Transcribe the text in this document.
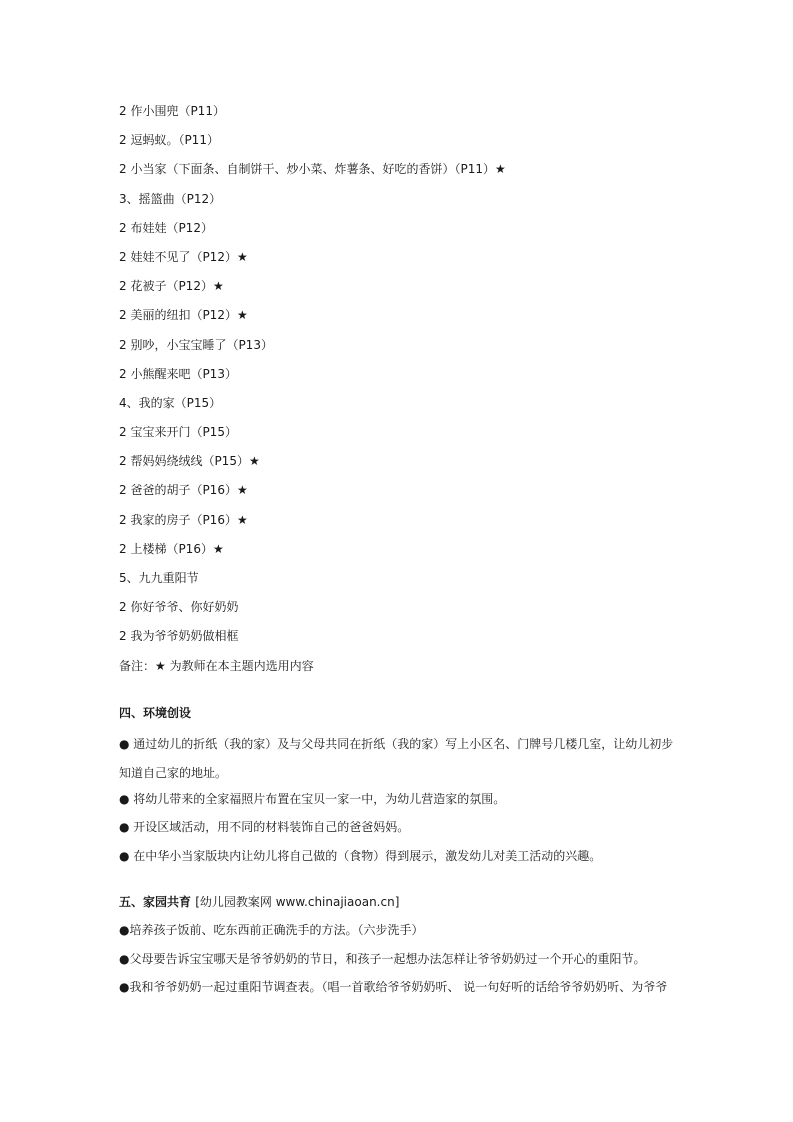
2 作小围兜（P11）
2 逗蚂蚁。（P11）
2 小当家（下面条、自制饼干、炒小菜、炸薯条、好吃的香饼）（P11）★
3、摇篮曲（P12）
2 布娃娃（P12）
2 娃娃不见了（P12）★
2 花被子（P12）★
2 美丽的纽扣（P12）★
2 别吵，小宝宝睡了（P13）
2 小熊醒来吧（P13）
4、我的家（P15）
2 宝宝来开门（P15）
2 帮妈妈绕绒线（P15）★
2 爸爸的胡子（P16）★
2 我家的房子（P16）★
2 上楼梯（P16）★
5、九九重阳节
2 你好爷爷、你好奶奶
2 我为爷爷奶奶做相框
备注：★ 为教师在本主题内选用内容
四、环境创设
● 通过幼儿的折纸（我的家）及与父母共同在折纸（我的家）写上小区名、门牌号几楼几室，让幼儿初步知道自己家的地址。
● 将幼儿带来的全家福照片布置在宝贝一家一中，为幼儿营造家的氛围。
● 开设区域活动，用不同的材料装饰自己的爸爸妈妈。
● 在中华小当家版块内让幼儿将自己做的（食物）得到展示，激发幼儿对美工活动的兴趣。
五、家园共育 [幼儿园教案网 www.chinajiaoan.cn]
●培养孩子饭前、吃东西前正确洗手的方法。（六步洗手）
●父母要告诉宝宝哪天是爷爷奶奶的节日，和孩子一起想办法怎样让爷爷奶奶过一个开心的重阳节。
●我和爷爷奶奶一起过重阳节调查表。（唱一首歌给爷爷奶奶听、 说一句好听的话给爷爷奶奶听、为爷爷
